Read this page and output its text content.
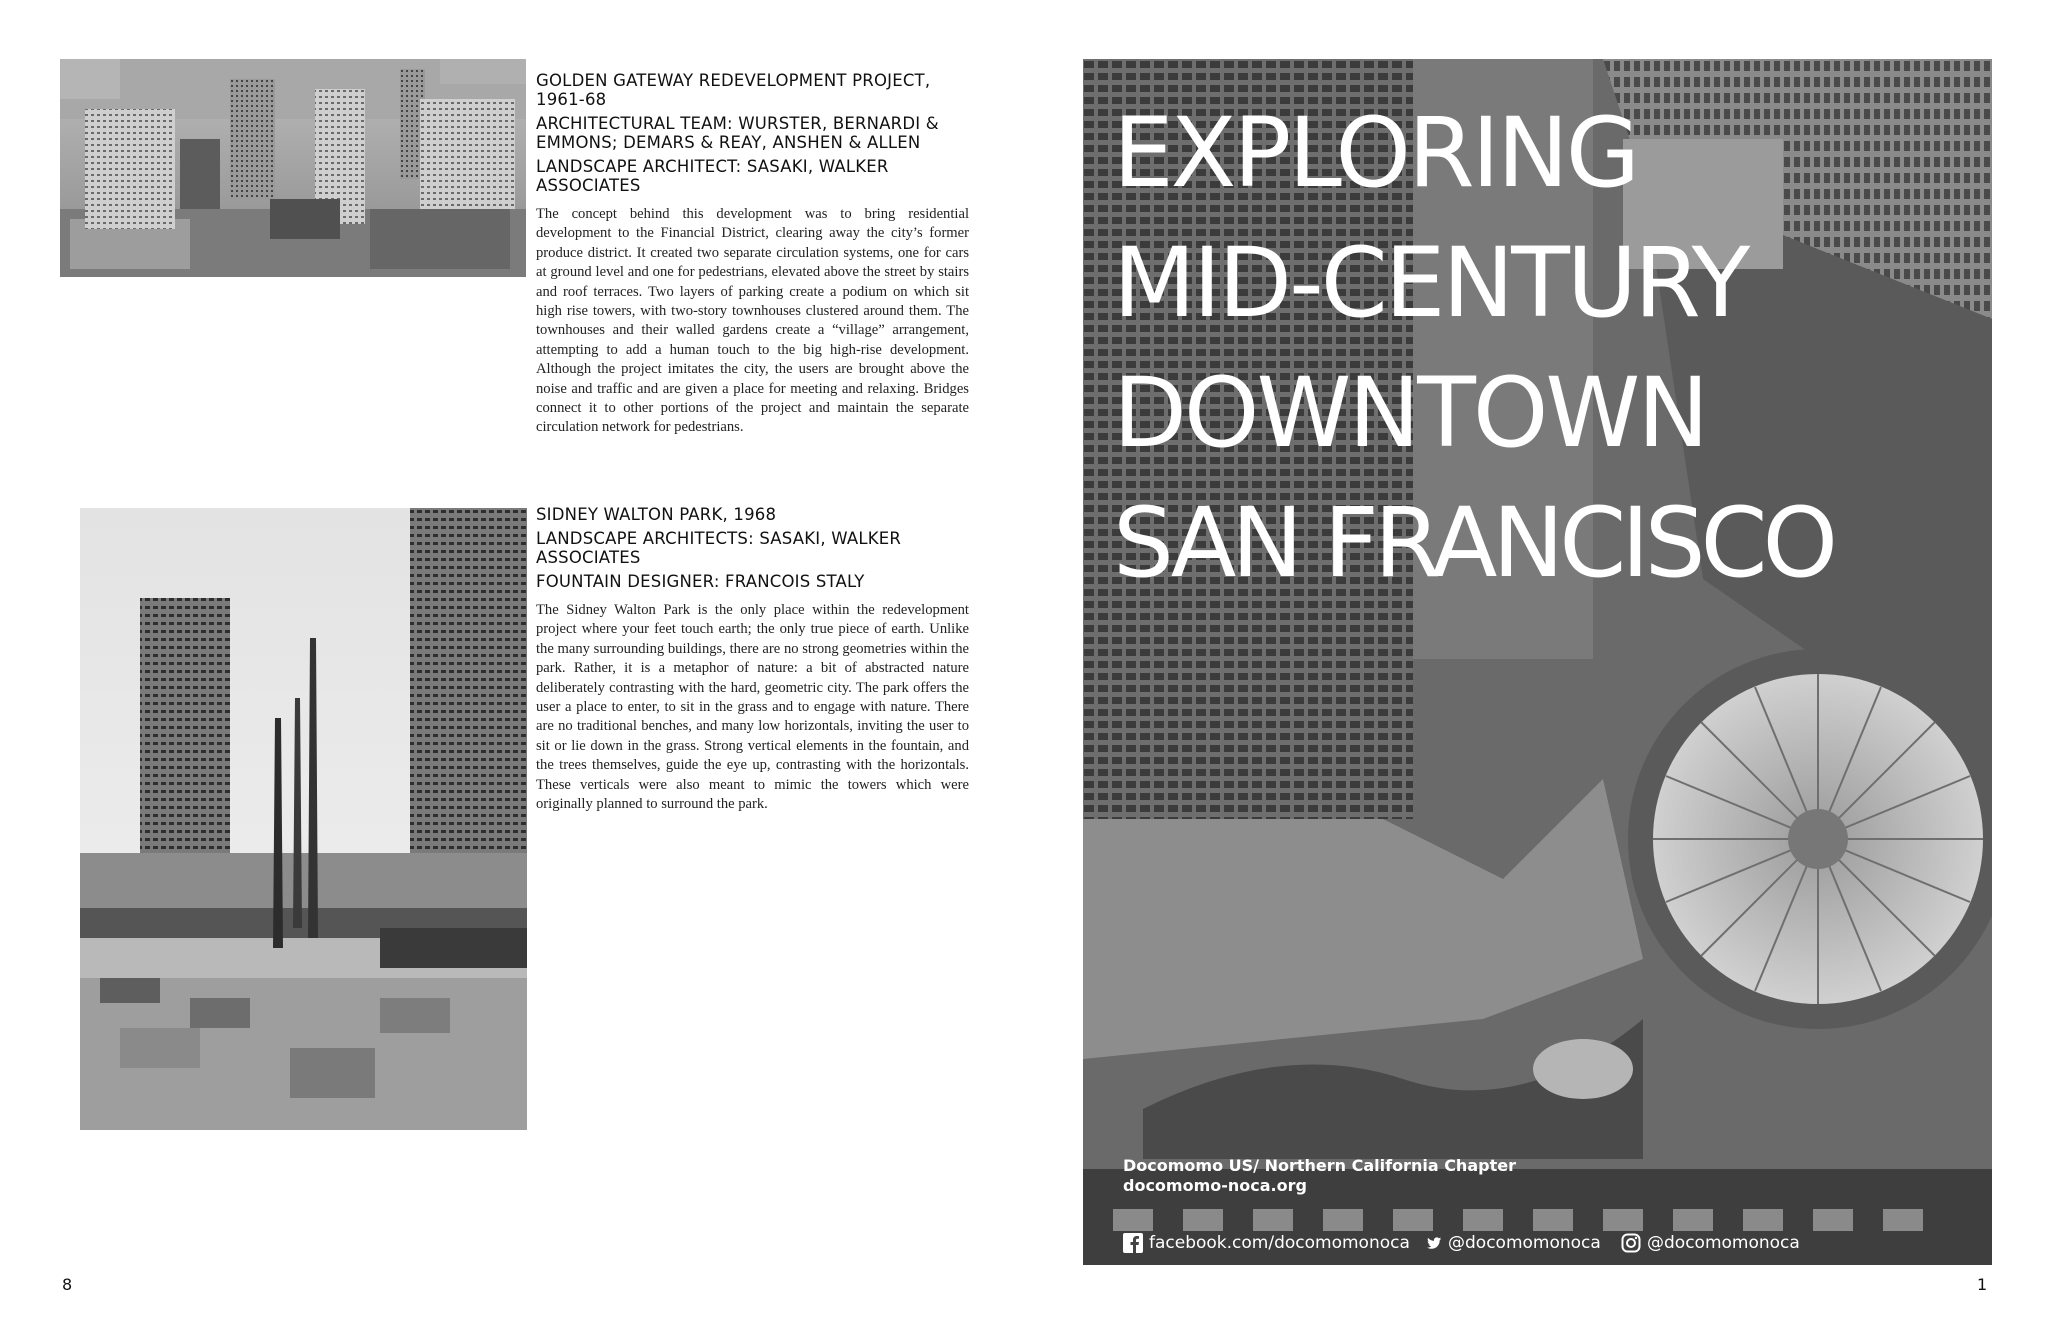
GOLDEN GATEWAY REDEVELOPMENT PROJECT, 1961-68
ARCHITECTURAL TEAM: WURSTER, BERNARDI & EMMONS; DEMARS & REAY, ANSHEN & ALLEN
LANDSCAPE ARCHITECT: SASAKI, WALKER ASSOCIATES
The concept behind this development was to bring residential development to the Financial District, clearing away the city’s former produce district. It created two separate circulation systems, one for cars at ground level and one for pedestrians, elevated above the street by stairs and roof terraces. Two layers of parking create a podium on which sit high rise towers, with two-story townhouses clustered around them. The townhouses and their walled gardens create a “village” arrangement, attempting to add a human touch to the big high-rise development. Although the project imitates the city, the users are brought above the noise and traffic and are given a place for meeting and relaxing. Bridges connect it to other portions of the project and maintain the separate circulation network for pedestrians.
SIDNEY WALTON PARK, 1968
LANDSCAPE ARCHITECTS: SASAKI, WALKER ASSOCIATES
FOUNTAIN DESIGNER: FRANCOIS STALY
The Sidney Walton Park is the only place within the redevelopment project where your feet touch earth; the only true piece of earth. Unlike the many surrounding buildings, there are no strong geometries within the park. Rather, it is a metaphor of nature: a bit of abstracted nature deliberately contrasting with the hard, geometric city. The park offers the user a place to enter, to sit in the grass and to engage with nature. There are no traditional benches, and many low horizontals, inviting the user to sit or lie down in the grass. Strong vertical elements in the fountain, and the trees themselves, guide the eye up, contrasting with the horizontals. These verticals were also meant to mimic the towers which were originally planned to surround the park.
8
EXPLORING
MID-CENTURY
DOWNTOWN
SAN FRANCISCO
Docomomo US/ Northern California Chapter
docomomo-noca.org
facebook.com/docomomonoca @docomomonoca	@docomomonoca
1
